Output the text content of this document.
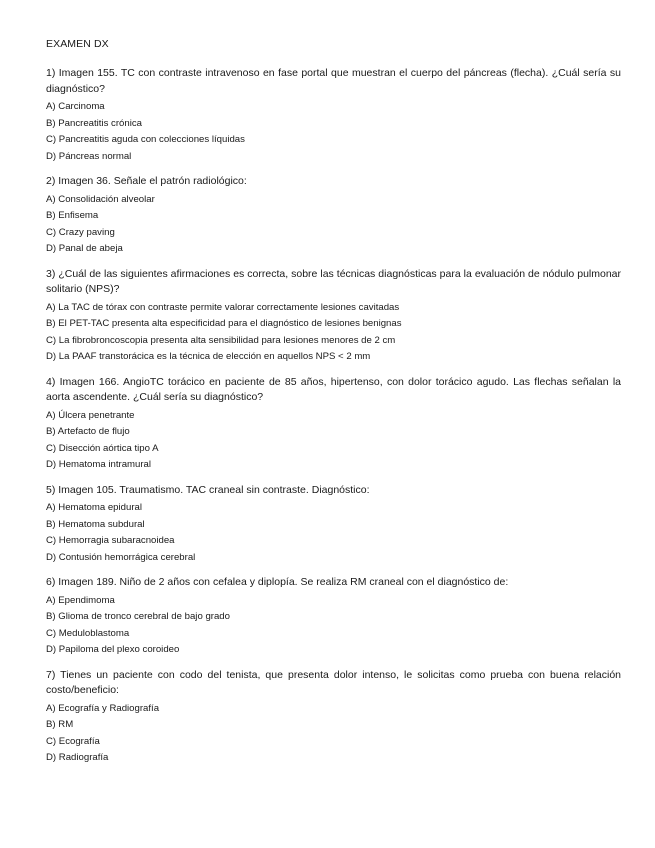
EXAMEN DX
1) Imagen 155. TC con contraste intravenoso en fase portal que muestran el cuerpo del páncreas (flecha). ¿Cuál sería su diagnóstico?
A) Carcinoma
B) Pancreatitis crónica
C) Pancreatitis aguda con colecciones líquidas
D) Páncreas normal
2) Imagen 36. Señale el patrón radiológico:
A) Consolidación alveolar
B) Enfisema
C) Crazy paving
D) Panal de abeja
3) ¿Cuál de las siguientes afirmaciones es correcta, sobre las técnicas diagnósticas para la evaluación de nódulo pulmonar solitario (NPS)?
A) La TAC de tórax con contraste permite valorar correctamente lesiones cavitadas
B) El PET-TAC presenta alta especificidad para el diagnóstico de lesiones benignas
C) La fibrobroncoscopia presenta alta sensibilidad para lesiones menores de 2 cm
D) La PAAF transtorácica es la técnica de elección en aquellos NPS < 2 mm
4) Imagen 166. AngioTC torácico en paciente de 85 años, hipertenso, con dolor torácico agudo. Las flechas señalan la aorta ascendente. ¿Cuál sería su diagnóstico?
A) Úlcera penetrante
B) Artefacto de flujo
C) Disección aórtica tipo A
D) Hematoma intramural
5) Imagen 105. Traumatismo. TAC craneal sin contraste. Diagnóstico:
A) Hematoma epidural
B) Hematoma subdural
C) Hemorragia subaracnoidea
D) Contusión hemorrágica cerebral
6) Imagen 189. Niño de 2 años con cefalea y diplopía. Se realiza RM craneal con el diagnóstico de:
A) Ependimoma
B) Glioma de tronco cerebral de bajo grado
C) Meduloblastoma
D) Papiloma del plexo coroideo
7) Tienes un paciente con codo del tenista, que presenta dolor intenso, le solicitas como prueba con buena relación costo/beneficio:
A) Ecografía y Radiografía
B) RM
C) Ecografía
D) Radiografía
